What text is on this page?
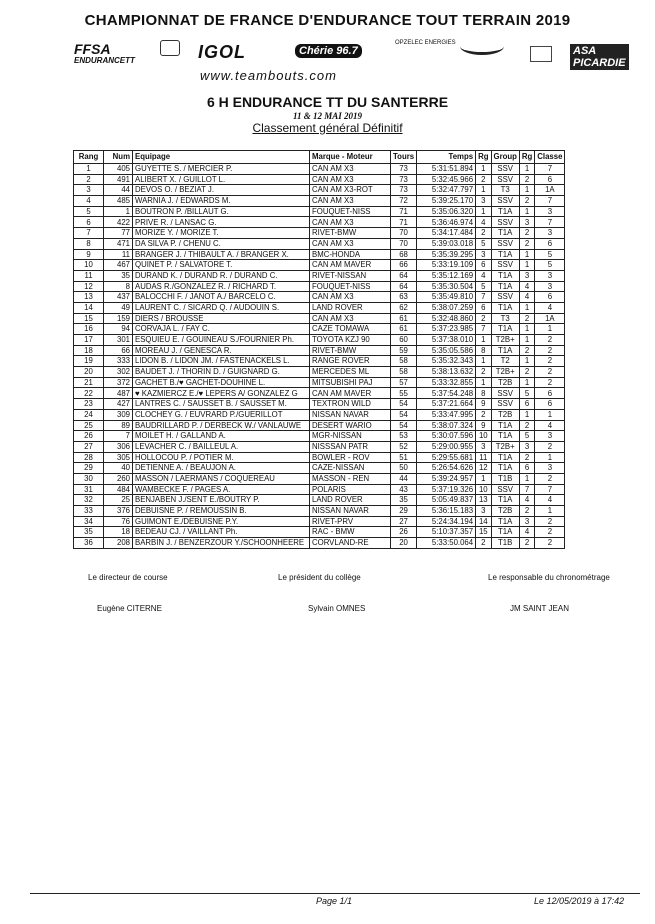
CHAMPIONNAT DE FRANCE D'ENDURANCE TOUT TERRAIN 2019
FFSA
ENDURANCETT	IGOL	Chérie 96.7
OPZELEC ENERGIES
ASA PICARDIE
www.teambouts.com
6 H ENDURANCE TT DU SANTERRE
11 & 12 MAI 2019
Classement général Définitif
Rang	Num	Equipage	Marque - Moteur	Tours	Temps	Rg	Group	Rg	Classe
1	405	GUYETTE S. / MERCIER P.	CAN AM X3	73	5:31:51.894	1	SSV	1	7
2	491	ALIBERT X. / GUILLOT L.	CAN AM X3	73	5:32:45.966	2	SSV	2	6
3	44	DEVOS O. / BEZIAT J.	CAN AM X3-ROT	73	5:32:47.797	1	T3	1	1A
4	485	WARNIA J. / EDWARDS M.	CAN AM X3	72	5:39:25.170	3	SSV	2	7
5	1	BOUTRON P. /BILLAUT G.	FOUQUET-NISS	71	5:35:06.320	1	T1A	1	3
6	422	PRIVE R. / LANSAC G.	CAN AM X3	71	5:36:46.974	4	SSV	3	7
7	77	MORIZE Y. / MORIZE T.	RIVET-BMW	70	5:34:17.484	2	T1A	2	3
8	471	DA SILVA P. / CHENU C.	CAN AM X3	70	5:39:03.018	5	SSV	2	6
9	11	BRANGER J. / THIBAULT A. / BRANGER X.	BMC-HONDA	68	5:35:39.295	3	T1A	1	5
10	467	QUINET P. / SALVATORE T.	CAN AM MAVER	66	5:33:19.109	6	SSV	1	5
11	35	DURAND K. / DURAND R. / DURAND C.	RIVET-NISSAN	64	5:35:12.169	4	T1A	3	3
12	8	AUDAS R./GONZALEZ R. / RICHARD T.	FOUQUET-NISS	64	5:35:30.504	5	T1A	4	3
13	437	BALOCCHI F. / JANOT A./ BARCELO C.	CAN AM X3	63	5:35:49.810	7	SSV	4	6
14	49	LAURENT C. / SICARD Q. / AUDOUIN S.	LAND ROVER	62	5:38:07.259	6	T1A	1	4
15	159	DIERS / BROUSSE	CAN AM X3	61	5:32:48.860	2	T3	2	1A
16	94	CORVAJA L. / FAY C.	CAZE TOMAWA	61	5:37:23.985	7	T1A	1	1
17	301	ESQUIEU E. / GOUINEAU S./FOURNIER Ph.	TOYOTA KZJ 90	60	5:37:38.010	1	T2B+	1	2
18	66	MOREAU J. / GENESCA R.	RIVET-BMW	59	5:35:05.586	8	T1A	2	2
19	333	LIDON B. / LIDON JM. / FASTENACKELS L.	RANGE ROVER	58	5:35:32.343	1	T2	1	2
20	302	BAUDET J. / THORIN D. / GUIGNARD G.	MERCEDES ML	58	5:38:13.632	2	T2B+	2	2
21	372	GACHET B./♥ GACHET-DOUHINE L.	MITSUBISHI PAJ	57	5:33:32.855	1	T2B	1	2
22	487	♥ KAZMIERCZ E./♥ LEPERS A/ GONZALEZ G	CAN AM MAVER	55	5:37:54.248	8	SSV	5	6
23	427	LANTRES C. / SAUSSET B. / SAUSSET M.	TEXTRON WILD	54	5:37:21.664	9	SSV	6	6
24	309	CLOCHEY G. / EUVRARD P./GUERILLOT	NISSAN NAVAR	54	5:33:47.995	2	T2B	1	1
25	89	BAUDRILLARD P. / DERBECK W./ VANLAUWE	DESERT WARIO	54	5:38:07.324	9	T1A	2	4
26	7	MOILET H. / GALLAND A.	MGR-NISSAN	53	5:30:07.596	10	T1A	5	3
27	306	LEVACHER C. / BAILLEUL A.	NISSSAN PATR	52	5:29:00.955	3	T2B+	3	2
28	305	HOLLOCOU P. / POTIER M.	BOWLER - ROV	51	5:29:55.681	11	T1A	2	1
29	40	DETIENNE A. / BEAUJON A.	CAZE-NISSAN	50	5:26:54.626	12	T1A	6	3
30	260	MASSON / LAERMANS / COQUEREAU	MASSON - REN	44	5:39:24.957	1	T1B	1	2
31	484	WAMBECKE F. / PAGES A.	POLARIS	43	5:37:19.326	10	SSV	7	7
32	25	BENJABEN J./SENT E./BOUTRY P.	LAND ROVER	35	5:05:49.837	13	T1A	4	4
33	376	DEBUISNE P. / REMOUSSIN B.	NISSAN NAVAR	29	5:36:15.183	3	T2B	2	1
34	76	GUIMONT E./DEBUISNE P.Y.	RIVET-PRV	27	5:24:34.194	14	T1A	3	2
35	18	BEDEAU CJ. / VAILLANT Ph.	RAC - BMW	26	5:10:37.357	15	T1A	4	2
36	208	BARBIN J. / BENZERZOUR Y./SCHOONHEERE	CORVLAND-RE	20	5:33:50.064	2	T1B	2	2
Le directeur de course	Le président du collège	Le responsable du chronométrage
Eugène CITERNE	Sylvain OMNES	JM SAINT JEAN
Page 1/1	Le 12/05/2019 à 17:42
